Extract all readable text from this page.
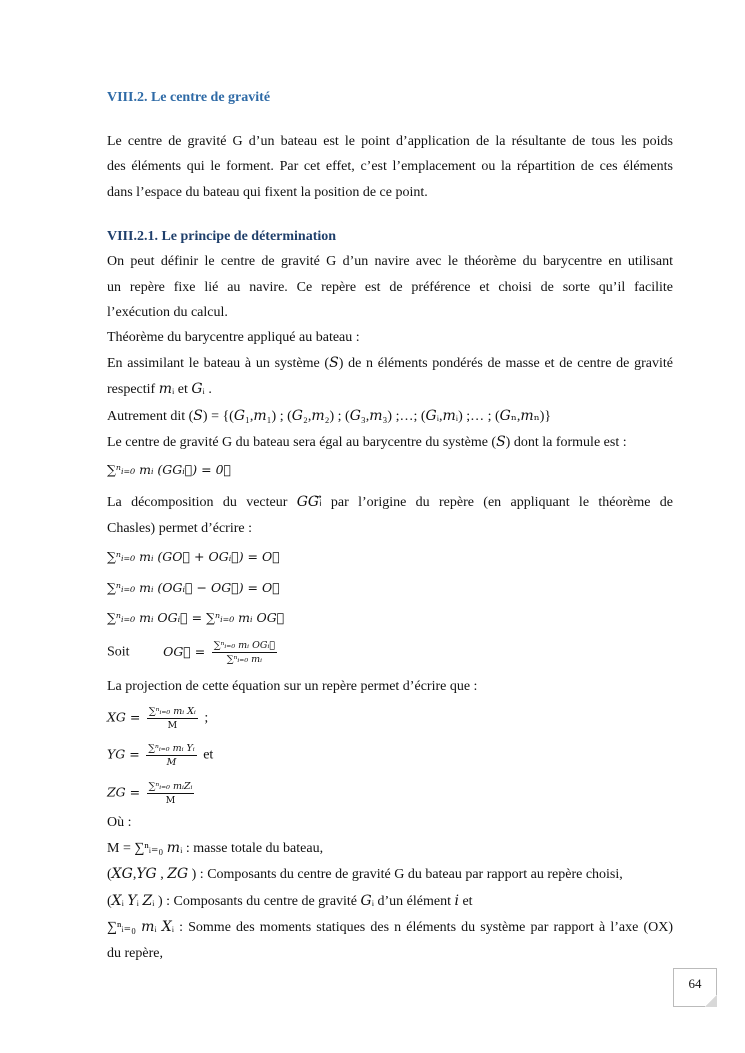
VIII.2. Le centre de gravité
Le centre de gravité G d’un bateau est le point d’application de la résultante de tous les poids
des éléments qui le forment. Par cet effet, c’est l’emplacement ou la répartition de ces éléments
dans l’espace du bateau qui fixent la position de ce point.
VIII.2.1. Le principe de détermination
On peut définir le centre de gravité G d’un navire avec le théorème du barycentre en utilisant
un repère fixe lié au navire. Ce repère est de préférence et choisi de sorte qu’il facilite
l’exécution du calcul.
Théorème du barycentre appliqué au bateau :
En assimilant le bateau à un système (𝑆) de n éléments pondérés de masse et de centre de gravité
respectif 𝑚ᵢ et 𝐺ᵢ .
Autrement dit (𝑆) = {(𝐺₁,𝑚₁) ; (𝐺₂,𝑚₂) ; (𝐺₃,𝑚₃) ;…; (𝐺ᵢ,𝑚ᵢ) ;… ; (𝐺ₙ,𝑚ₙ)}
Le centre de gravité G du bateau sera égal au barycentre du système (𝑆) dont la formule est :
∑ⁿᵢ₌₀ 𝑚ᵢ (𝐺𝐺ᵢ⃗) = 0⃗
La décomposition du vecteur 𝐺𝐺ᵢ⃗ par l’origine du repère (en appliquant le théorème de
Chasles) permet d’écrire :
∑ⁿᵢ₌₀ 𝑚ᵢ (𝐺𝑂⃗ + 𝑂𝐺ᵢ⃗) = 𝑂⃗
∑ⁿᵢ₌₀ 𝑚ᵢ (𝑂𝐺ᵢ⃗ − 𝑂𝐺⃗) = 𝑂⃗
∑ⁿᵢ₌₀ 𝑚ᵢ 𝑂𝐺ᵢ⃗ = ∑ⁿᵢ₌₀ 𝑚ᵢ 𝑂𝐺⃗
Soit	𝑂𝐺⃗ = $\frac{\text{∑ⁿᵢ₌₀ 𝑚ᵢ 𝑂𝐺ᵢ⃗}}{\text{∑ⁿᵢ₌₀ 𝑚ᵢ}}$
La projection de cette équation sur un repère permet d’écrire que :
𝑋𝐺 = $\frac{\text{∑ⁿᵢ₌₀ 𝑚ᵢ 𝑋ᵢ}}{M}$ ;
𝑌𝐺 = $\frac{\text{∑ⁿᵢ₌₀ 𝑚ᵢ 𝑌ᵢ}}{\text{𝑀}}$ et
𝑍𝐺 = $\frac{\text{∑ⁿᵢ₌₀ 𝑚ᵢ𝑍ᵢ}}{M}$
Où :
M = ∑ⁿᵢ₌₀ 𝑚ᵢ : masse totale du bateau,
(𝑋𝐺,𝑌𝐺 , 𝑍𝐺 ) : Composants du centre de gravité G du bateau par rapport au repère choisi,
(𝑋ᵢ 𝑌ᵢ 𝑍ᵢ ) : Composants du centre de gravité 𝐺ᵢ d’un élément 𝑖 et
∑ⁿᵢ₌₀ 𝑚ᵢ 𝑋ᵢ : Somme des moments statiques des n éléments du système par rapport à l’axe (OX)
du repère,
64
